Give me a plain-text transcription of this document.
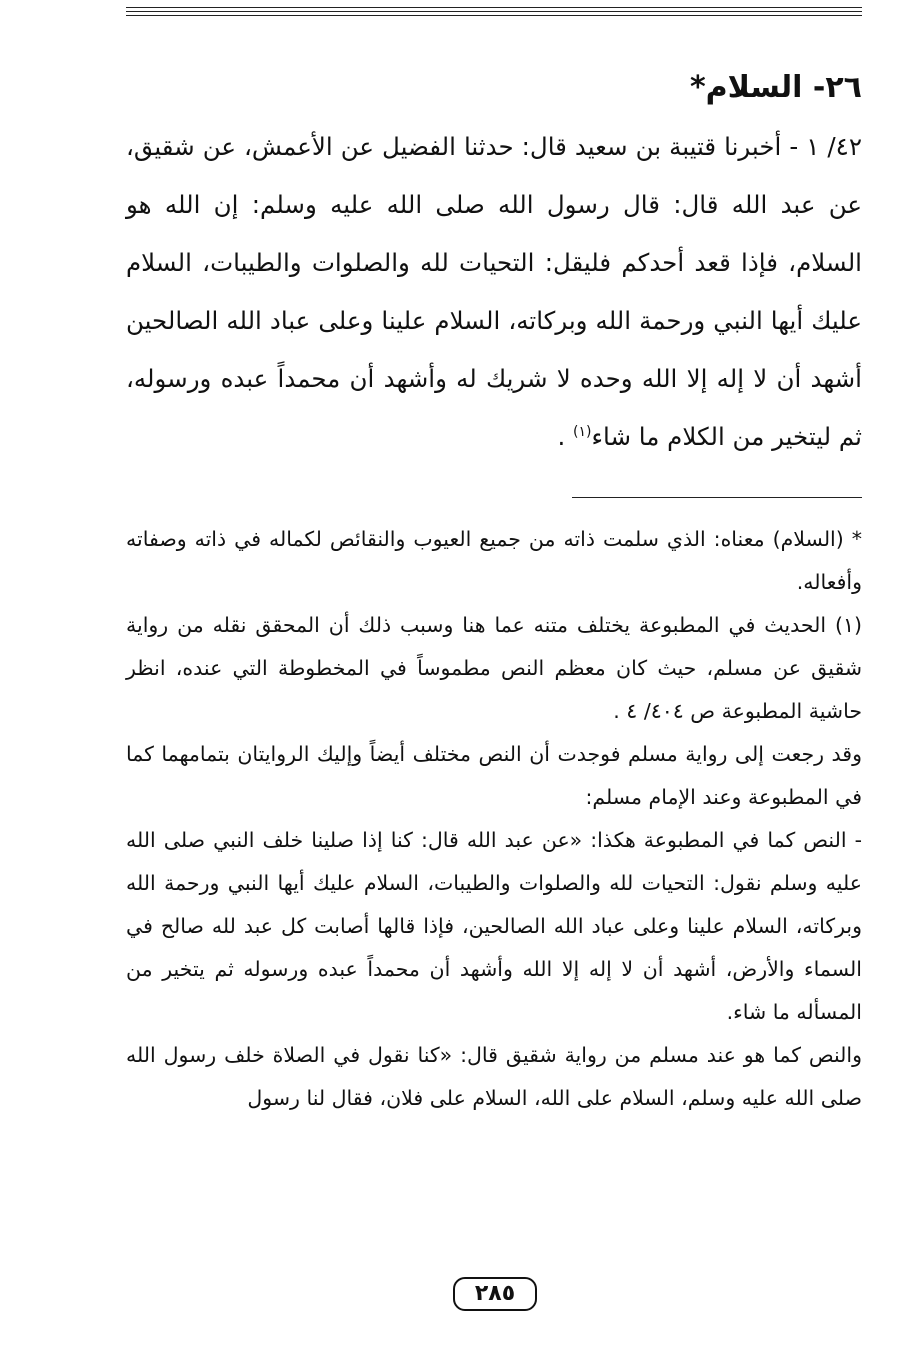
٢٦- السلام*

٤٢/ ١ - أخبرنا قتيبة بن سعيد قال: حدثنا الفضيل عن الأعمش، عن شقيق، عن عبد الله قال: قال رسول الله صلى الله عليه وسلم: إن الله هو السلام، فإذا قعد أحدكم فليقل: التحيات لله والصلوات والطيبات، السلام عليك أيها النبي ورحمة الله وبركاته، السلام علينا وعلى عباد الله الصالحين أشهد أن لا إله إلا الله وحده لا شريك له وأشهد أن محمداً عبده ورسوله، ثم ليتخير من الكلام ما شاء$^{(١)}$ .

* (السلام) معناه: الذي سلمت ذاته من جميع العيوب والنقائص لكماله في ذاته وصفاته وأفعاله.

(١) الحديث في المطبوعة يختلف متنه عما هنا وسبب ذلك أن المحقق نقله من رواية شقيق عن مسلم، حيث كان معظم النص مطموساً في المخطوطة التي عنده، انظر حاشية المطبوعة ص ٤٠٤/ ٤ .

وقد رجعت إلى رواية مسلم فوجدت أن النص مختلف أيضاً وإليك الروايتان بتمامهما كما في المطبوعة وعند الإمام مسلم:

- النص كما في المطبوعة هكذا: «عن عبد الله قال: كنا إذا صلينا خلف النبي صلى الله عليه وسلم نقول: التحيات لله والصلوات والطيبات، السلام عليك أيها النبي ورحمة الله وبركاته، السلام علينا وعلى عباد الله الصالحين، فإذا قالها أصابت كل عبد لله صالح في السماء والأرض، أشهد أن لا إله إلا الله وأشهد أن محمداً عبده ورسوله ثم يتخير من المسأله ما شاء.

والنص كما هو عند مسلم من رواية شقيق قال: «كنا نقول في الصلاة خلف رسول الله صلى الله عليه وسلم، السلام على الله، السلام على فلان، فقال لنا رسول

٢٨٥
